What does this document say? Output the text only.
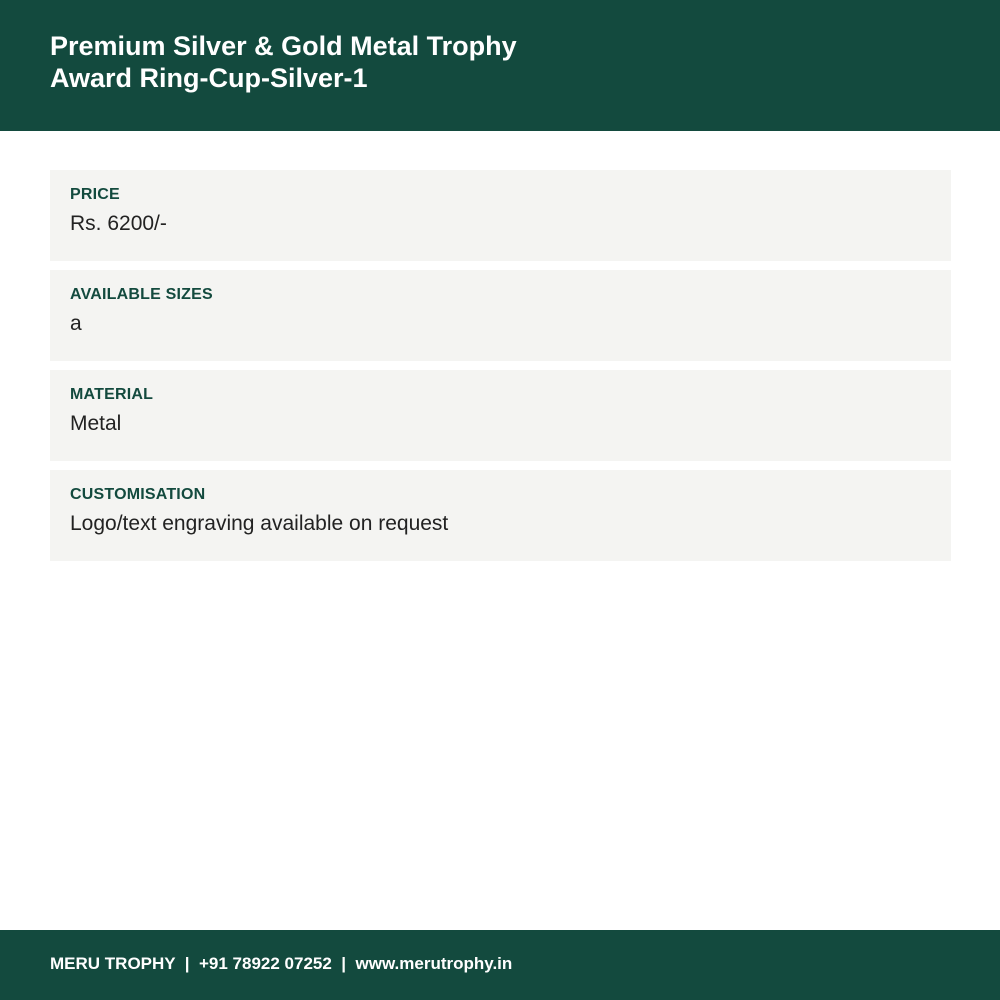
Premium Silver & Gold Metal Trophy
Award Ring-Cup-Silver-1
PRICE
Rs. 6200/-
AVAILABLE SIZES
a
MATERIAL
Metal
CUSTOMISATION
Logo/text engraving available on request
MERU TROPHY | +91 78922 07252 | www.merutrophy.in
